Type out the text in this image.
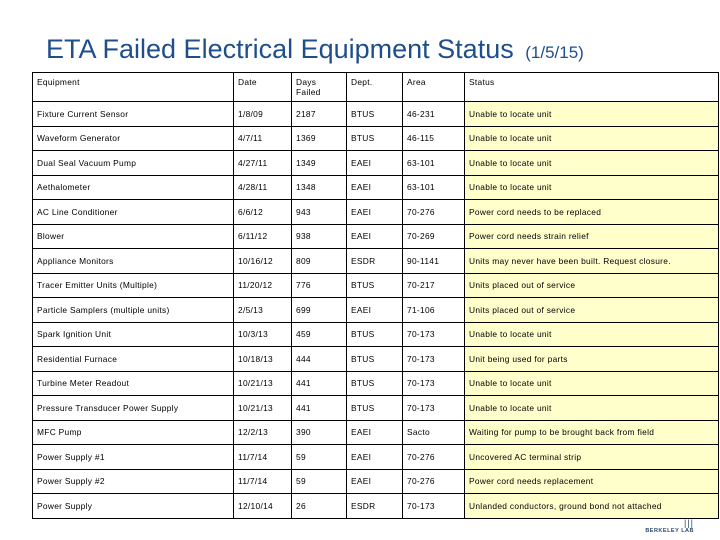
ETA Failed Electrical Equipment Status (1/5/15)
Equipment	Date	Days Failed	Dept.	Area	Status
Fixture Current Sensor	1/8/09	2187	BTUS	46-231	Unable to locate unit
Waveform Generator	4/7/11	1369	BTUS	46-115	Unable to locate unit
Dual Seal Vacuum Pump	4/27/11	1349	EAEI	63-101	Unable to locate unit
Aethalometer	4/28/11	1348	EAEI	63-101	Unable to locate unit
AC Line Conditioner	6/6/12	943	EAEI	70-276	Power cord needs to be replaced
Blower	6/11/12	938	EAEI	70-269	Power cord needs strain relief
Appliance Monitors	10/16/12	809	ESDR	90-1141	Units may never have been built. Request closure.
Tracer Emitter Units (Multiple)	11/20/12	776	BTUS	70-217	Units placed out of service
Particle Samplers (multiple units)	2/5/13	699	EAEI	71-106	Units placed out of service
Spark Ignition Unit	10/3/13	459	BTUS	70-173	Unable to locate unit
Residential Furnace	10/18/13	444	BTUS	70-173	Unit being used for parts
Turbine Meter Readout	10/21/13	441	BTUS	70-173	Unable to locate unit
Pressure Transducer Power Supply	10/21/13	441	BTUS	70-173	Unable to locate unit
MFC Pump	12/2/13	390	EAEI	Sacto	Waiting for pump to be brought back from field
Power Supply #1	11/7/14	59	EAEI	70-276	Uncovered AC terminal strip
Power Supply #2	11/7/14	59	EAEI	70-276	Power cord needs replacement
Power Supply	12/10/14	26	ESDR	70-173	Unlanded conductors, ground bond not attached
|||
BERKELEY LAB
